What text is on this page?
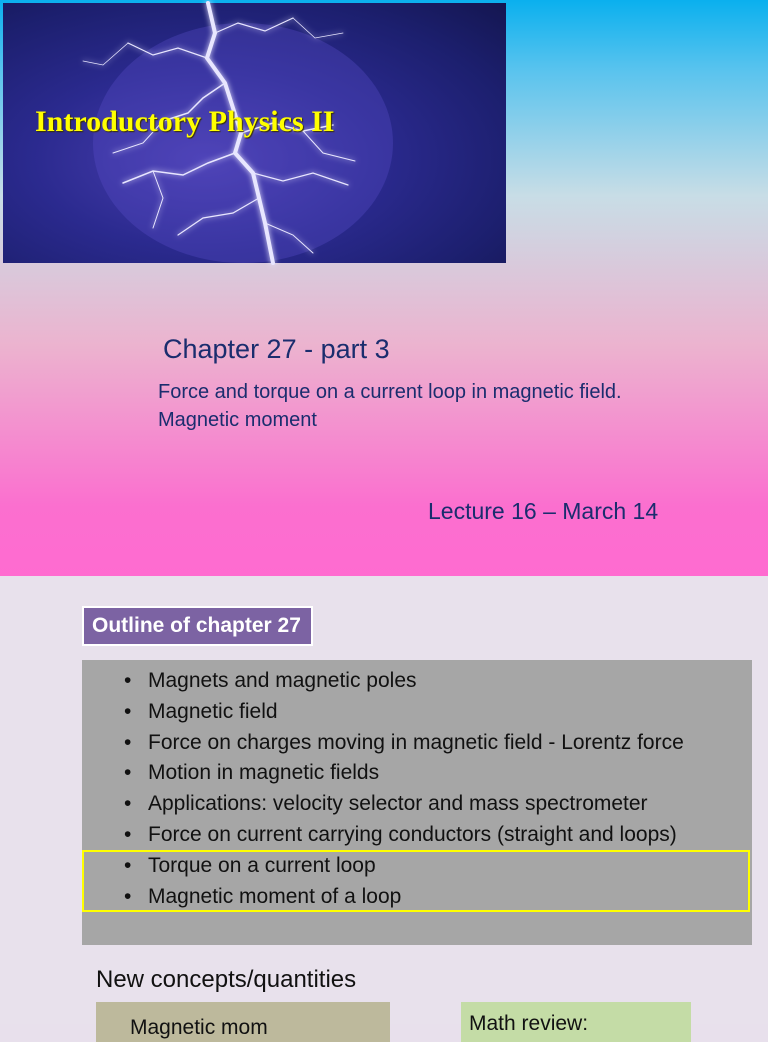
Introductory Physics II
Chapter 27 - part 3
Force and torque on a current loop in magnetic field. Magnetic moment
Lecture 16 – March 14
Outline of chapter 27
• Magnets and magnetic poles
• Magnetic field
• Force on charges moving in magnetic field - Lorentz force
• Motion in magnetic fields
• Applications: velocity selector and mass spectrometer
• Force on current carrying conductors (straight and loops)
• Torque on a current loop
• Magnetic moment of a loop
New concepts/quantities
Magnetic mom	Math review:
